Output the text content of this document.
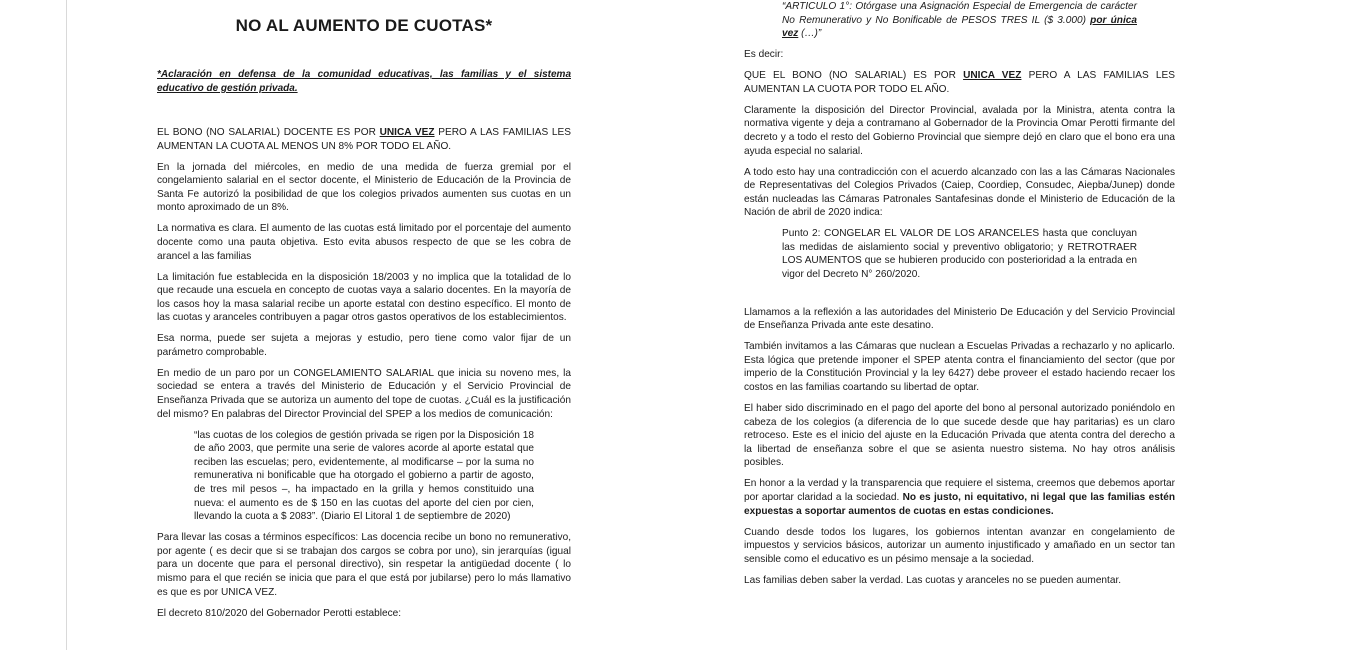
NO AL AUMENTO DE CUOTAS*

*Aclaración en defensa de la comunidad educativas, las familias y el sistema educativo de gestión privada.

EL BONO (NO SALARIAL) DOCENTE ES POR UNICA VEZ PERO A LAS FAMILIAS LES AUMENTAN LA CUOTA AL MENOS UN 8% POR TODO EL AÑO.

En la jornada del miércoles, en medio de una medida de fuerza gremial por el congelamiento salarial en el sector docente, el Ministerio de Educación de la Provincia de Santa Fe autorizó la posibilidad de que los colegios privados aumenten sus cuotas en un monto aproximado de un 8%.

La normativa es clara. El aumento de las cuotas está limitado por el porcentaje del aumento docente como una pauta objetiva. Esto evita abusos respecto de que se les cobra de arancel a las familias

La limitación fue establecida en la disposición 18/2003 y no implica que la totalidad de lo que recaude una escuela en concepto de cuotas vaya a salario docentes. En la mayoría de los casos hoy la masa salarial recibe un aporte estatal con destino específico. El monto de las cuotas y aranceles contribuyen a pagar otros gastos operativos de los establecimientos.

Esa norma, puede ser sujeta a mejoras y estudio, pero tiene como valor fijar de un parámetro comprobable.

En medio de un paro por un CONGELAMIENTO SALARIAL que inicia su noveno mes, la sociedad se entera a través del Ministerio de Educación y el Servicio Provincial de Enseñanza Privada que se autoriza un aumento del tope de cuotas. ¿Cuál es la justificación del mismo? En palabras del Director Provincial del SPEP a los medios de comunicación:

“las cuotas de los colegios de gestión privada se rigen por la Disposición 18 de año 2003, que permite una serie de valores acorde al aporte estatal que reciben las escuelas; pero, evidentemente, al modificarse – por la suma no remunerativa ni bonificable que ha otorgado el gobierno a partir de agosto, de tres mil pesos –, ha impactado en la grilla y hemos constituido una nueva: el aumento es de $ 150 en las cuotas del aporte del cien por cien, llevando la cuota a $ 2083”. (Diario El Litoral 1 de septiembre de 2020)

Para llevar las cosas a términos específicos: Las docencia recibe un bono no remunerativo, por agente ( es decir que si se trabajan dos cargos se cobra por uno), sin jerarquías (igual para un docente que para el personal directivo), sin respetar la antigüedad docente ( lo mismo para el que recién se inicia que para el que está por jubilarse) pero lo más llamativo es que es por UNICA VEZ.

El decreto 810/2020 del Gobernador Perotti establece:

“ARTICULO 1°: Otórgase una Asignación Especial de Emergencia de carácter No Remunerativo y No Bonificable de PESOS TRES IL ($ 3.000) por única vez (…)”

Es decir:

QUE EL BONO (NO SALARIAL) ES POR UNICA VEZ PERO A LAS FAMILIAS LES AUMENTAN LA CUOTA POR TODO EL AÑO.

Claramente la disposición del Director Provincial, avalada por la Ministra, atenta contra la normativa vigente y deja a contramano al Gobernador de la Provincia Omar Perotti firmante del decreto y a todo el resto del Gobierno Provincial que siempre dejó en claro que el bono era una ayuda especial no salarial.

A todo esto hay una contradicción con el acuerdo alcanzado con las a las Cámaras Nacionales de Representativas del Colegios Privados (Caiep, Coordiep, Consudec, Aiepba/Junep) donde están nucleadas las Cámaras Patronales Santafesinas donde el Ministerio de Educación de la Nación de abril de 2020 indica:

Punto 2: CONGELAR EL VALOR DE LOS ARANCELES hasta que concluyan las medidas de aislamiento social y preventivo obligatorio; y RETROTRAER LOS AUMENTOS que se hubieren producido con posterioridad a la entrada en vigor del Decreto N° 260/2020.

Llamamos a la reflexión a las autoridades del Ministerio De Educación y del Servicio Provincial de Enseñanza Privada ante este desatino.

También invitamos a las Cámaras que nuclean a Escuelas Privadas a rechazarlo y no aplicarlo. Esta lógica que pretende imponer el SPEP atenta contra el financiamiento del sector (que por imperio de la Constitución Provincial y la ley 6427) debe proveer el estado haciendo recaer los costos en las familias coartando su libertad de optar.

El haber sido discriminado en el pago del aporte del bono al personal autorizado poniéndolo en cabeza de los colegios (a diferencia de lo que sucede desde que hay paritarias) es un claro retroceso. Este es el inicio del ajuste en la Educación Privada que atenta contra del derecho a la libertad de enseñanza sobre el que se asienta nuestro sistema. No hay otros análisis posibles.

En honor a la verdad y la transparencia que requiere el sistema, creemos que debemos aportar por aportar claridad a la sociedad. No es justo, ni equitativo, ni legal que las familias estén expuestas a soportar aumentos de cuotas en estas condiciones.

Cuando desde todos los lugares, los gobiernos intentan avanzar en congelamiento de impuestos y servicios básicos, autorizar un aumento injustificado y amañado en un sector tan sensible como el educativo es un pésimo mensaje a la sociedad.

Las familias deben saber la verdad. Las cuotas y aranceles no se pueden aumentar.
